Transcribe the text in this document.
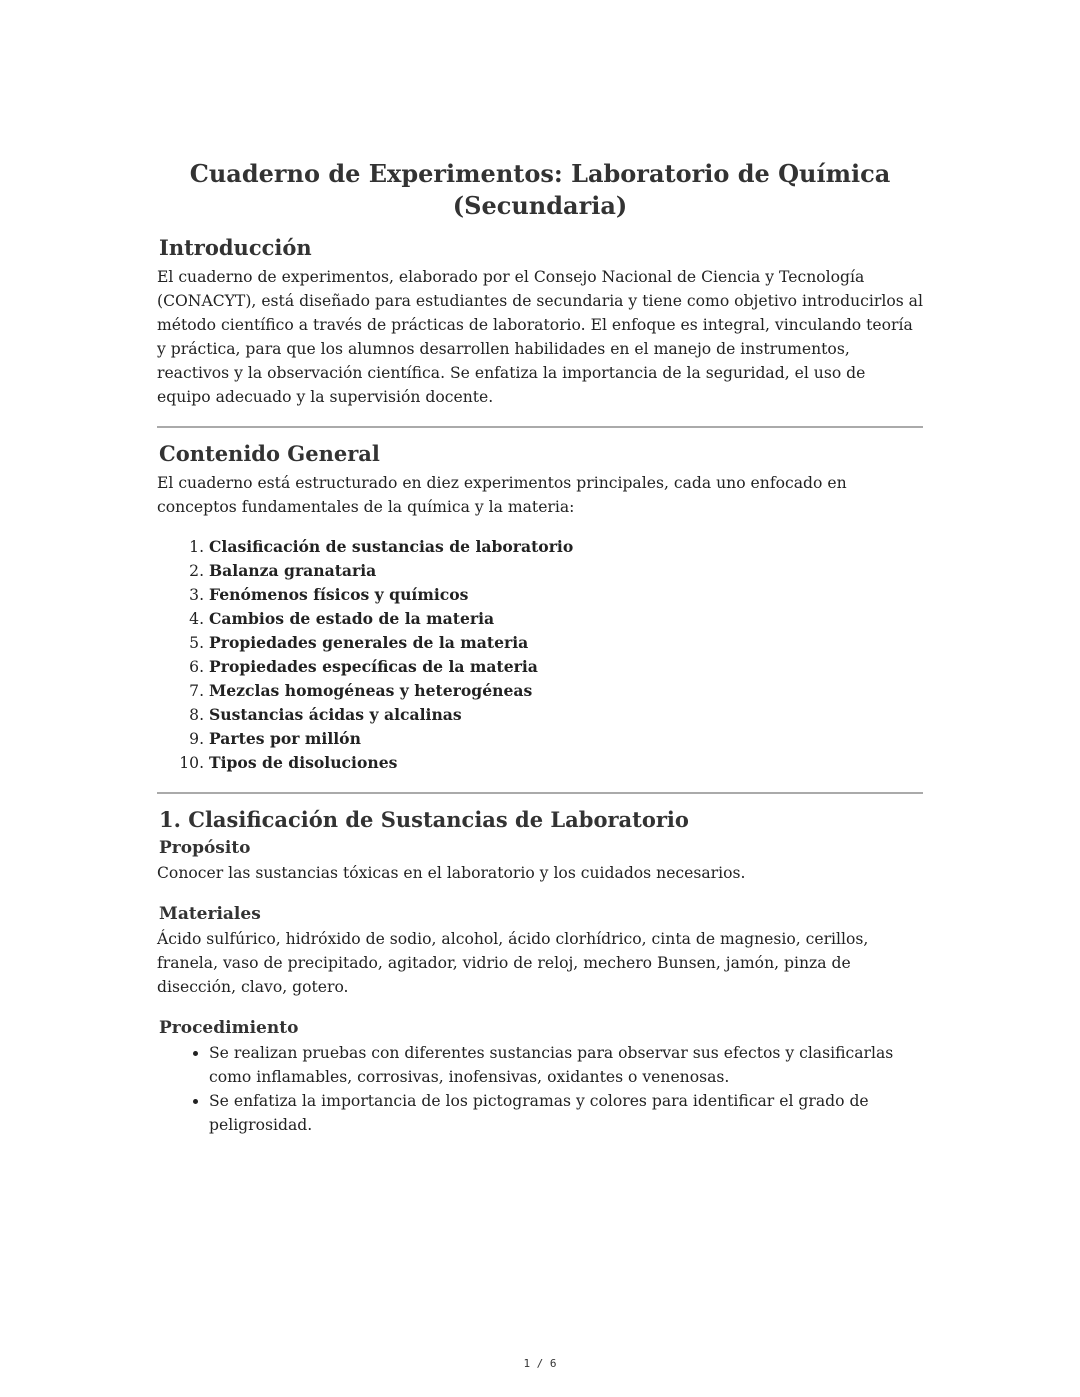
Cuaderno de Experimentos: Laboratorio de Química (Secundaria)
Introducción

El cuaderno de experimentos, elaborado por el Consejo Nacional de Ciencia y Tecnología (CONACYT), está diseñado para estudiantes de secundaria y tiene como objetivo introducirlos al método científico a través de prácticas de laboratorio. El enfoque es integral, vinculando teoría y práctica, para que los alumnos desarrollen habilidades en el manejo de instrumentos, reactivos y la observación científica. Se enfatiza la importancia de la seguridad, el uso de equipo adecuado y la supervisión docente.

Contenido General

El cuaderno está estructurado en diez experimentos principales, cada uno enfocado en conceptos fundamentales de la química y la materia:

1. Clasificación de sustancias de laboratorio
2. Balanza granataria
3. Fenómenos físicos y químicos
4. Cambios de estado de la materia
5. Propiedades generales de la materia
6. Propiedades específicas de la materia
7. Mezclas homogéneas y heterogéneas
8. Sustancias ácidas y alcalinas
9. Partes por millón
10. Tipos de disoluciones
1. Clasificación de Sustancias de Laboratorio
Propósito

Conocer las sustancias tóxicas en el laboratorio y los cuidados necesarios.

Materiales

Ácido sulfúrico, hidróxido de sodio, alcohol, ácido clorhídrico, cinta de magnesio, cerillos, franela, vaso de precipitado, agitador, vidrio de reloj, mechero Bunsen, jamón, pinza de disección, clavo, gotero.

Procedimiento
• Se realizan pruebas con diferentes sustancias para observar sus efectos y clasificarlas como inflamables, corrosivas, inofensivas, oxidantes o venenosas.
• Se enfatiza la importancia de los pictogramas y colores para identificar el grado de peligrosidad.
1 / 6
